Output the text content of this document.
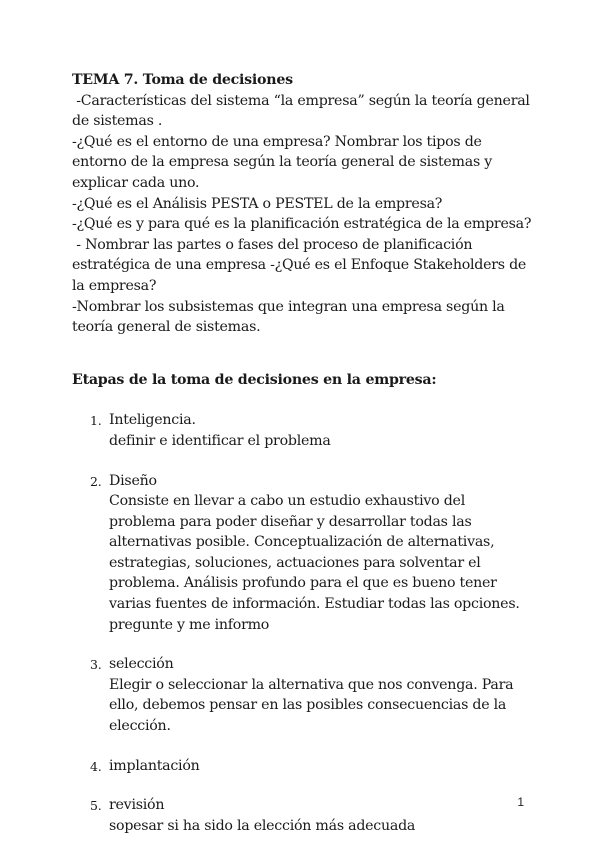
TEMA 7. Toma de decisiones
-Características del sistema “la empresa” según la teoría general de sistemas .
-¿Qué es el entorno de una empresa? Nombrar los tipos de entorno de la empresa según la teoría general de sistemas y explicar cada uno.
-¿Qué es el Análisis PESTA o PESTEL de la empresa?
-¿Qué es y para qué es la planificación estratégica de la empresa?
- Nombrar las partes o fases del proceso de planificación estratégica de una empresa -¿Qué es el Enfoque Stakeholders de la empresa?
-Nombrar los subsistemas que integran una empresa según la teoría general de sistemas.
Etapas de la toma de decisiones en la empresa:
1. Inteligencia.
definir e identificar el problema
2. Diseño
Consiste en llevar a cabo un estudio exhaustivo del problema para poder diseñar y desarrollar todas las alternativas posible. Conceptualización de alternativas, estrategias, soluciones, actuaciones para solventar el problema. Análisis profundo para el que es bueno tener varias fuentes de información. Estudiar todas las opciones. pregunte y me informo
3. selección
Elegir o seleccionar la alternativa que nos convenga. Para ello, debemos pensar en las posibles consecuencias de la elección.
4. implantación
5. revisión
sopesar si ha sido la elección más adecuada
1
